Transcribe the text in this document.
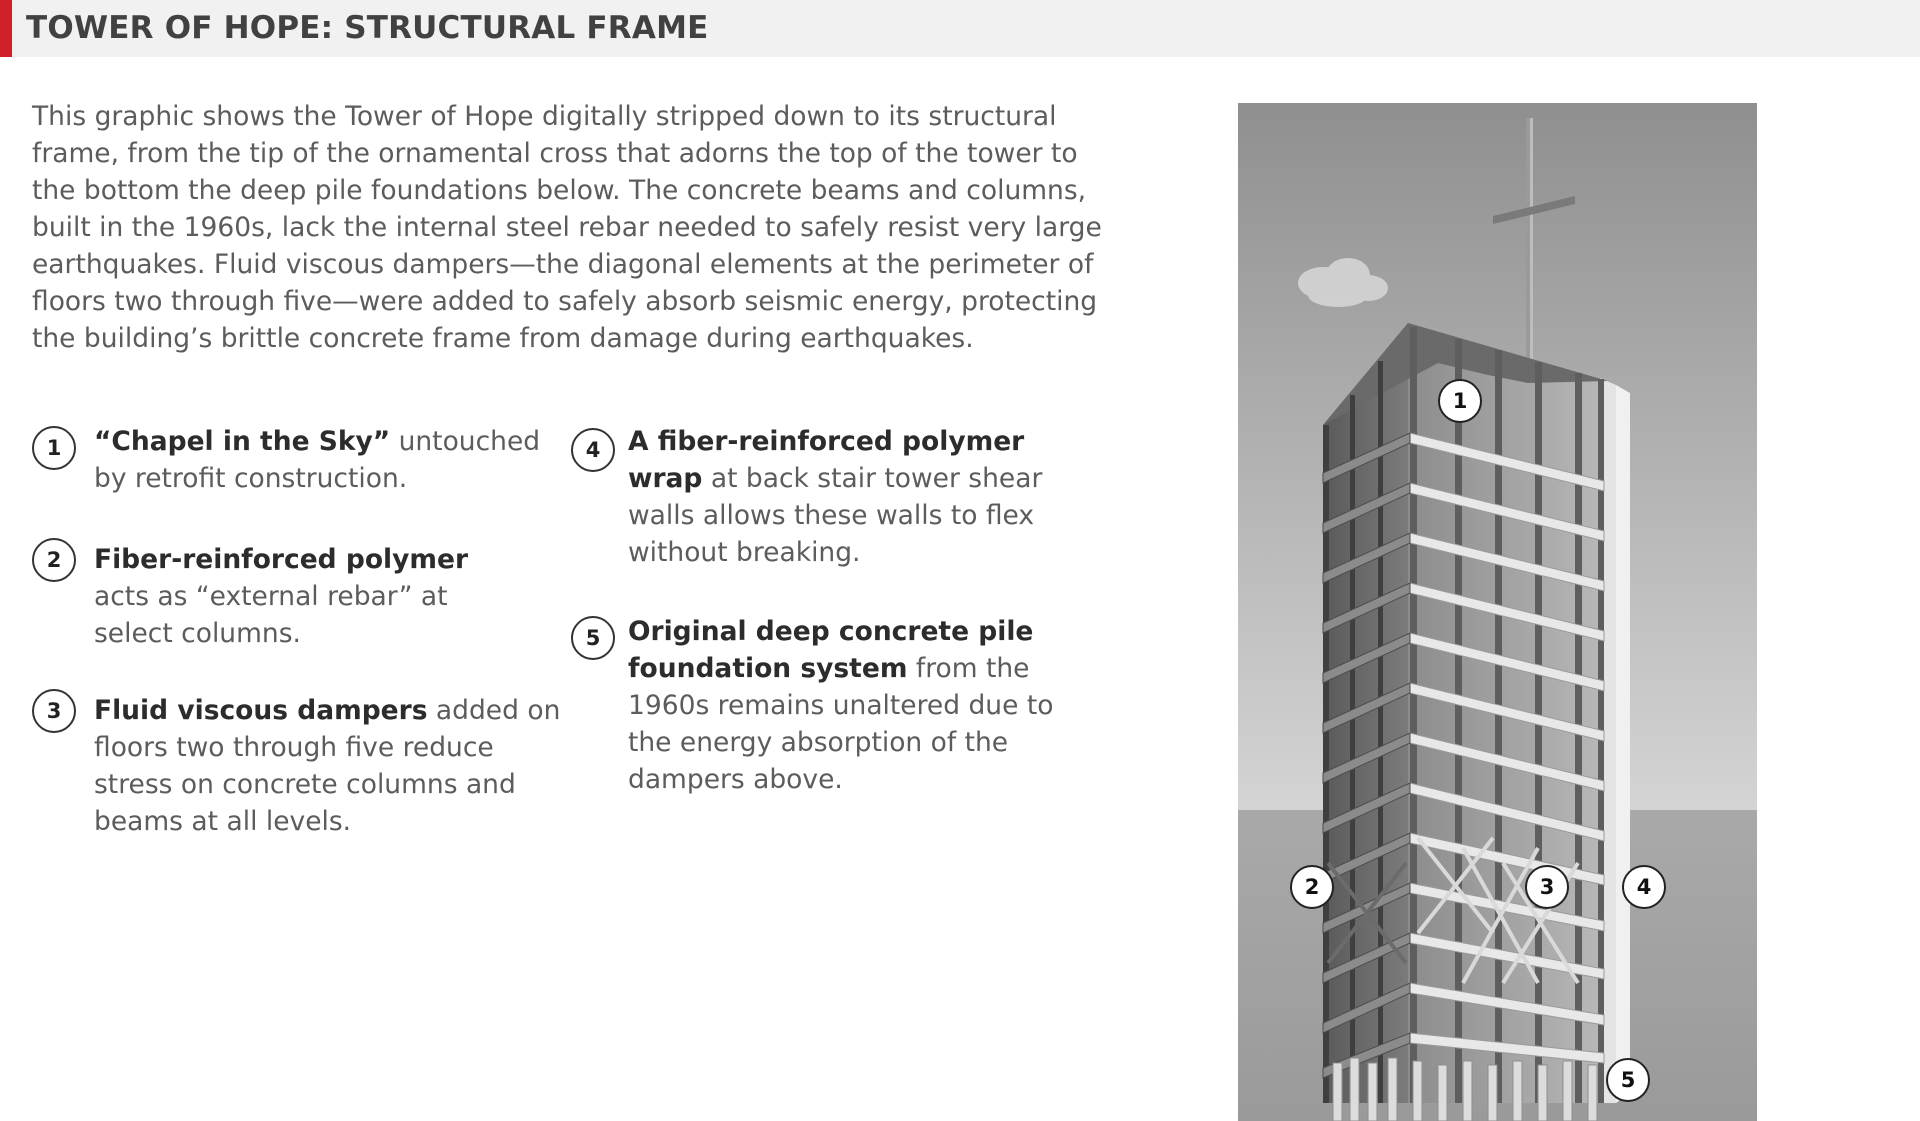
TOWER OF HOPE: STRUCTURAL FRAME

This graphic shows the Tower of Hope digitally stripped down to its structural
frame, from the tip of the ornamental cross that adorns the top of the tower to
the bottom the deep pile foundations below. The concrete beams and columns,
built in the 1960s, lack the internal steel rebar needed to safely resist very large
earthquakes. Fluid viscous dampers—the diagonal elements at the perimeter of
floors two through five—were added to safely absorb seismic energy, protecting
the building’s brittle concrete frame from damage during earthquakes.

1	“Chapel in the Sky” untouched
by retrofit construction.

2	Fiber-reinforced polymer
acts as “external rebar” at
select columns.

3	Fluid viscous dampers added on
floors two through five reduce
stress on concrete columns and
beams at all levels.

4	A fiber-reinforced polymer
wrap at back stair tower shear
walls allows these walls to flex
without breaking.

5	Original deep concrete pile
foundation system from the
1960s remains unaltered due to
the energy absorption of the
dampers above.

1
2	3	4
5
